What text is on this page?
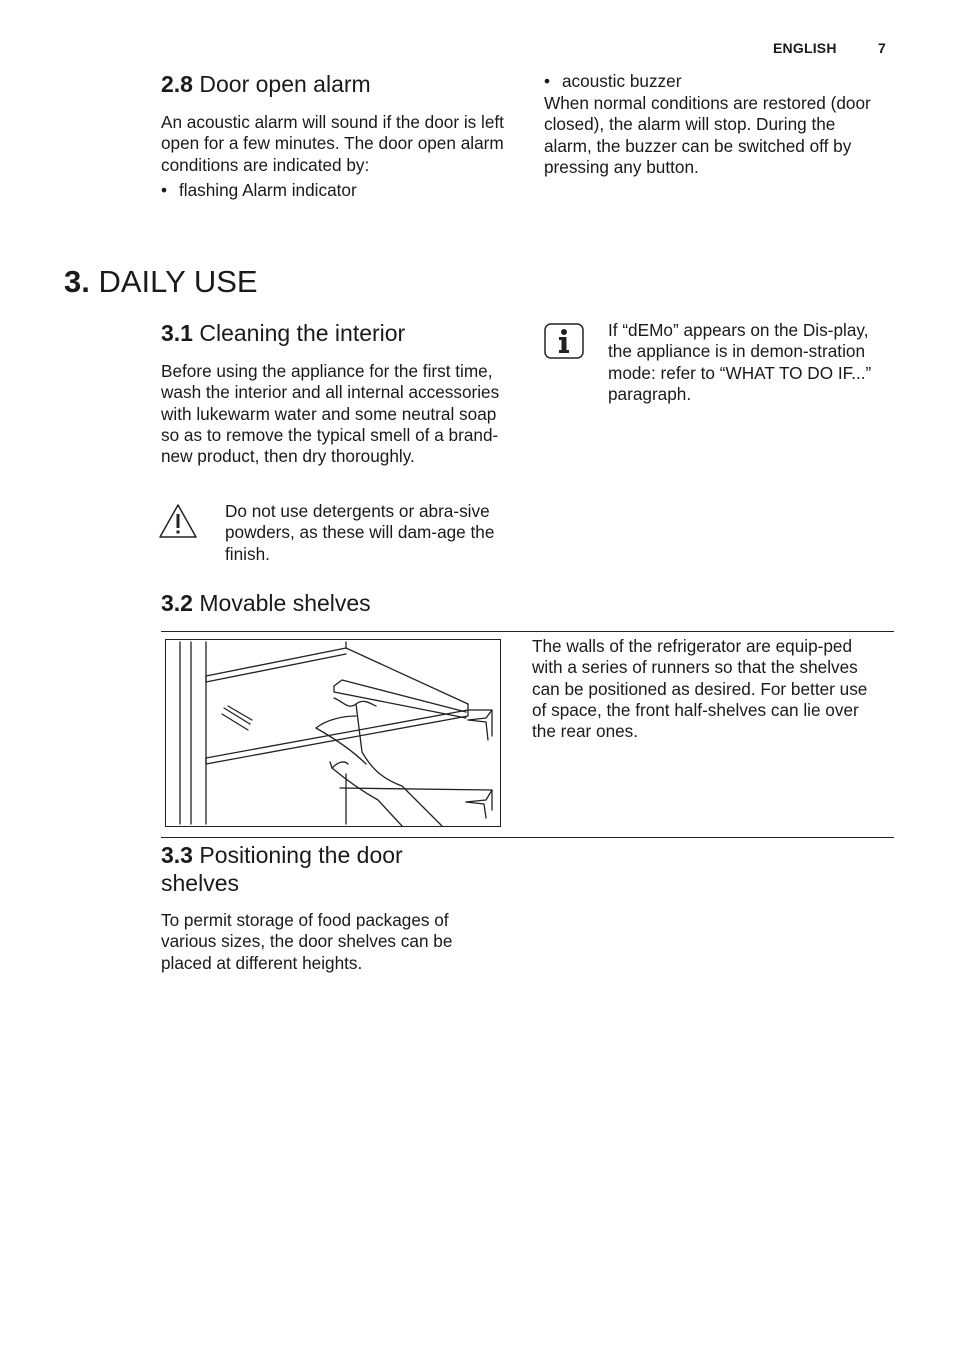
ENGLISH	7
2.8 Door open alarm

An acoustic alarm will sound if the door is left open for a few minutes. The door open alarm conditions are indicated by:

• flashing Alarm indicator
• acoustic buzzer

When normal conditions are restored (door closed), the alarm will stop. During the alarm, the buzzer can be switched off by pressing any button.

3. DAILY USE
3.1 Cleaning the interior

Before using the appliance for the first time, wash the interior and all internal accessories with lukewarm water and some neutral soap so as to remove the typical smell of a brand-new product, then dry thoroughly.

Do not use detergents or abra-sive powders, as these will dam-age the finish.

If “dEMo” appears on the Dis-play, the appliance is in demon-stration mode: refer to “WHAT TO DO IF...” paragraph.

3.2 Movable shelves

The walls of the refrigerator are equip-ped with a series of runners so that the shelves can be positioned as desired. For better use of space, the front half-shelves can lie over the rear ones.

3.3 Positioning the door shelves

To permit storage of food packages of various sizes, the door shelves can be placed at different heights.
